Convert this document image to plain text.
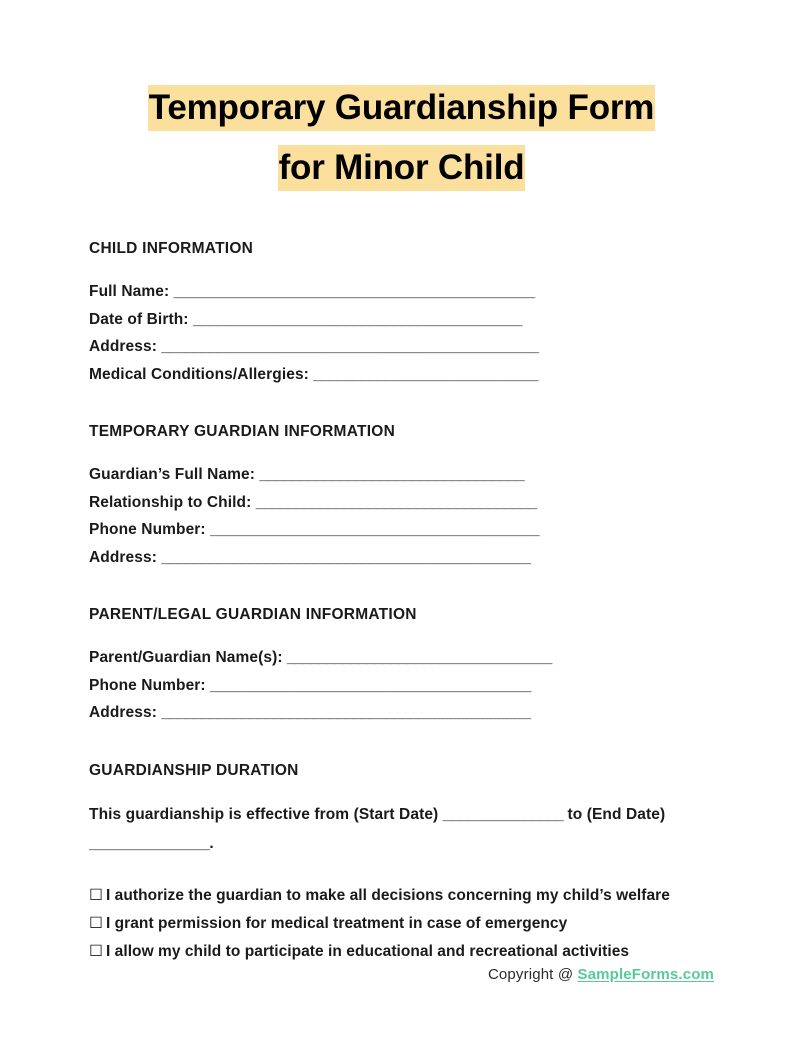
Temporary Guardianship Form
for Minor Child
CHILD INFORMATION
Full Name: _____________________________________________
Date of Birth: _________________________________________
Address: _______________________________________________
Medical Conditions/Allergies: ____________________________
TEMPORARY GUARDIAN INFORMATION
Guardian’s Full Name: _________________________________
Relationship to Child: ___________________________________
Phone Number: _________________________________________
Address: ______________________________________________
PARENT/LEGAL GUARDIAN INFORMATION
Parent/Guardian Name(s): _________________________________
Phone Number: ________________________________________
Address: ______________________________________________
GUARDIANSHIP DURATION
This guardianship is effective from (Start Date) _______________ to (End Date) _______________.
☐ I authorize the guardian to make all decisions concerning my child’s welfare
☐ I grant permission for medical treatment in case of emergency
☐ I allow my child to participate in educational and recreational activities
Copyright @ SampleForms.com
